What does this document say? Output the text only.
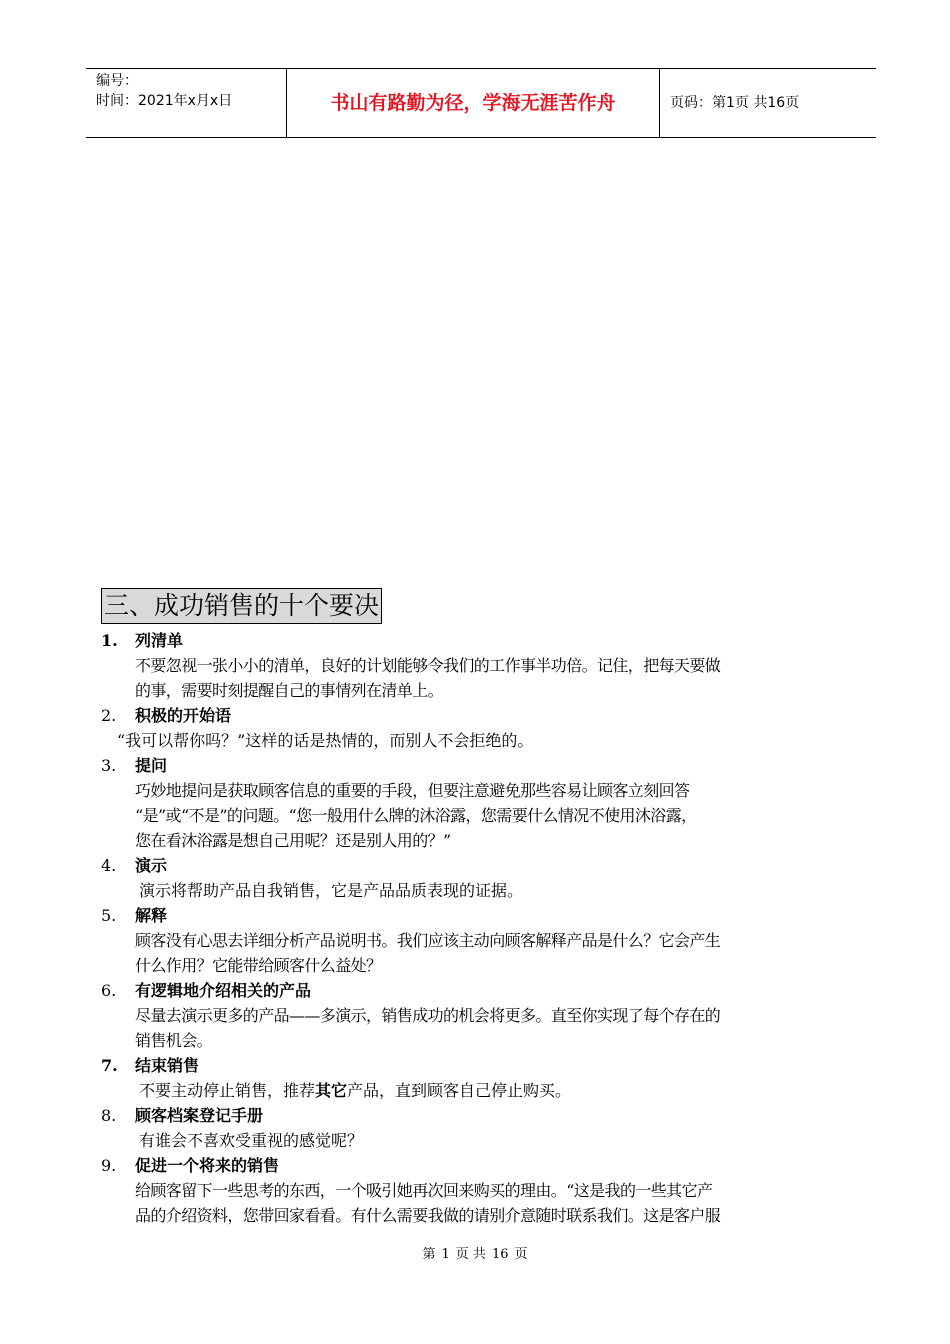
编号：
时间：2021年x月x日	书山有路勤为径，学海无涯苦作舟	页码：第1页 共16页
三、成功销售的十个要决
1. 列清单
不要忽视一张小小的清单，良好的计划能够令我们的工作事半功倍。记住，把每天要做
的事，需要时刻提醒自己的事情列在清单上。
2. 积极的开始语
“我可以帮你吗？”这样的话是热情的，而别人不会拒绝的。
3. 提问
巧妙地提问是获取顾客信息的重要的手段，但要注意避免那些容易让顾客立刻回答
“是”或“不是”的问题。“您一般用什么牌的沐浴露，您需要什么情况不使用沐浴露，
您在看沐浴露是想自己用呢？还是别人用的？”
4. 演示
演示将帮助产品自我销售，它是产品品质表现的证据。
5. 解释
顾客没有心思去详细分析产品说明书。我们应该主动向顾客解释产品是什么？它会产生
什么作用？它能带给顾客什么益处？
6. 有逻辑地介绍相关的产品
尽量去演示更多的产品——多演示，销售成功的机会将更多。直至你实现了每个存在的
销售机会。
7. 结束销售
不要主动停止销售，推荐其它产品，直到顾客自己停止购买。
8. 顾客档案登记手册
有谁会不喜欢受重视的感觉呢？
9. 促进一个将来的销售
给顾客留下一些思考的东西，一个吸引她再次回来购买的理由。“这是我的一些其它产
品的介绍资料，您带回家看看。有什么需要我做的请别介意随时联系我们。这是客户服
第 1 页 共 16 页
